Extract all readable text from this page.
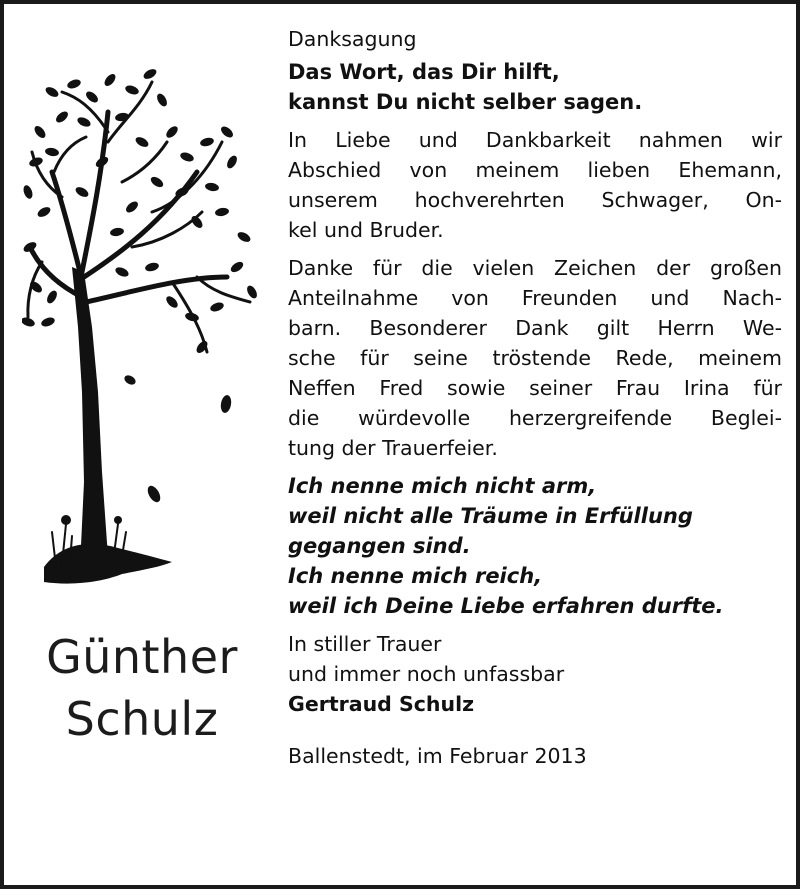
Günther
Schulz

Danksagung

Das Wort, das Dir hilft,
kannst Du nicht selber sagen.

In Liebe und Dankbarkeit nahmen wir
Abschied von meinem lieben Ehemann,
unserem hochverehrten Schwager, On-
kel und Bruder.

Danke für die vielen Zeichen der großen
Anteilnahme von Freunden und Nach-
barn. Besonderer Dank gilt Herrn We-
sche für seine tröstende Rede, meinem
Neffen Fred sowie seiner Frau Irina für
die würdevolle herzergreifende Beglei-
tung der Trauerfeier.

Ich nenne mich nicht arm,
weil nicht alle Träume in Erfüllung
gegangen sind.
Ich nenne mich reich,
weil ich Deine Liebe erfahren durfte.

In stiller Trauer
und immer noch unfassbar
Gertraud Schulz

Ballenstedt, im Februar 2013
